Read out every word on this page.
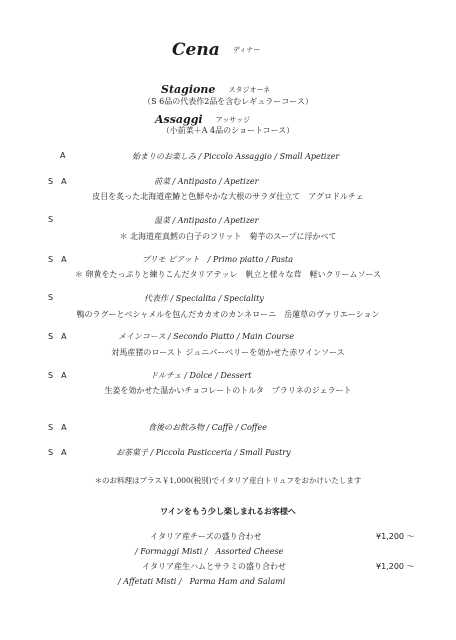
Cena ディナー
Stagione スタジオーネ
（S 6品の代表作2品を含むレギュラーコース）
Assaggi アッサッジ
（小前菜＋A 4品のショートコース）
A	始まりのお楽しみ / Piccolo Assaggio / Small Apetizer
S　A	前菜 / Antipasto / Apetizer
皮目を炙った北海道産鰆と色鮮やかな大根のサラダ仕立て　アグロドルチェ
S	温菜 / Antipasto / Apetizer
＊ 北海道産真鱈の白子のフリット　菊芋のスープに浮かべて
S　A	プリモ ピアット　/ Primo piatto / Pasta
＊ 卵黄をたっぷりと練りこんだタリアテッレ　帆立と様々な茸　軽いクリームソース
S	代表作 / Specialita / Speciality
鴨のラグーとベシャメルを包んだカカオのカンネローニ　岳蓮草のヴァリエーション
S　A	メインコース / Secondo Piatto / Main Course
対馬産猪のロースト ジュニパーベリーを効かせた赤ワインソース
S　A	ドルチェ / Dolce / Dessert
生姜を効かせた温かいチョコレートのトルタ　プラリネのジェラート
S　A	食後のお飲み物 / Caffè / Coffee
S　A	お茶菓子 / Piccola Pasticceria / Small Pastry
＊のお料理はプラス￥1,000(税別)でイタリア産白トリュフをおかけいたします
ワインをもう少し楽しまれるお客様へ
イタリア産チーズの盛り合わせ	¥1,200 ～
/ Formaggi Misti /　Assorted Cheese
イタリア産生ハムとサラミの盛り合わせ	¥1,200 ～
/ Affetati Misti /　Parma Ham and Salami
